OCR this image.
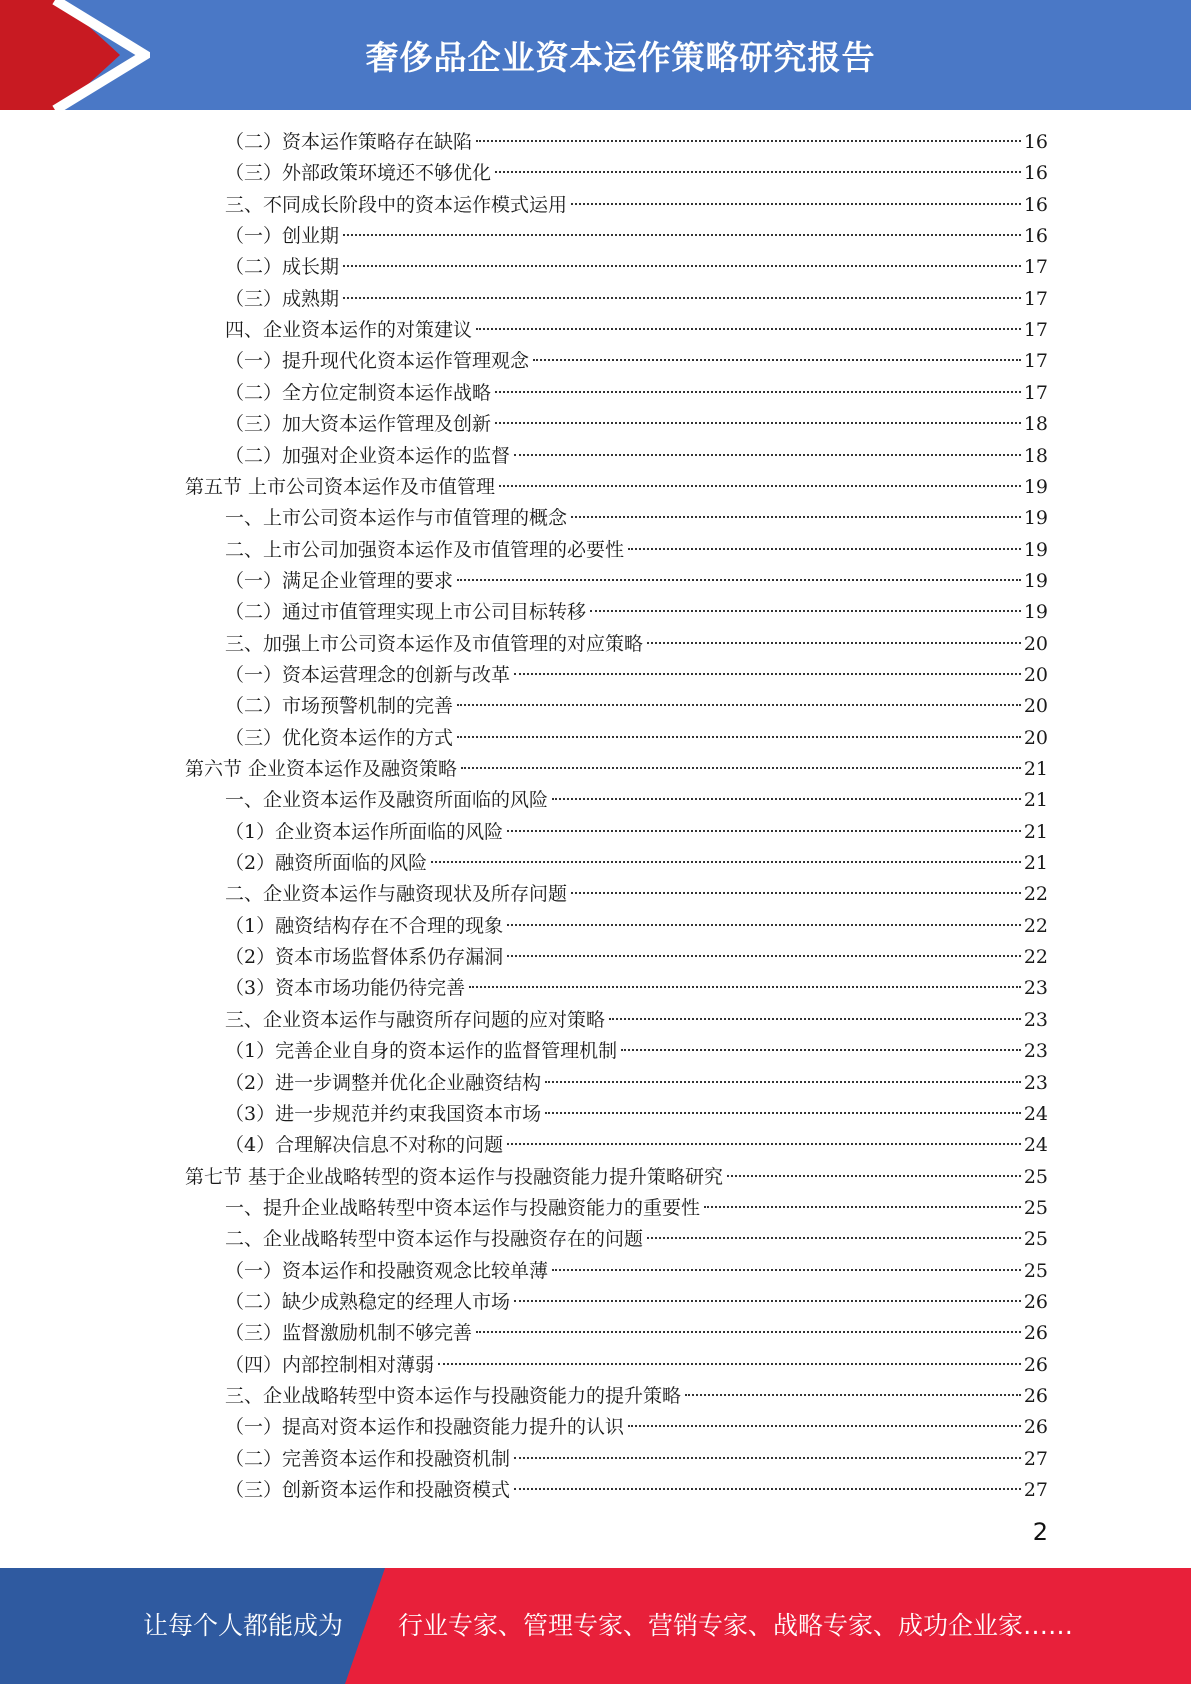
奢侈品企业资本运作策略研究报告
（二）资本运作策略存在缺陷	16
（三）外部政策环境还不够优化	16
三、不同成长阶段中的资本运作模式运用	16
（一）创业期	16
（二）成长期	17
（三）成熟期	17
四、企业资本运作的对策建议	17
（一）提升现代化资本运作管理观念	17
（二）全方位定制资本运作战略	17
（三）加大资本运作管理及创新	18
（二）加强对企业资本运作的监督	18
第五节 上市公司资本运作及市值管理	19
一、上市公司资本运作与市值管理的概念	19
二、上市公司加强资本运作及市值管理的必要性	19
（一）满足企业管理的要求	19
（二）通过市值管理实现上市公司目标转移	19
三、加强上市公司资本运作及市值管理的对应策略	20
（一）资本运营理念的创新与改革	20
（二）市场预警机制的完善	20
（三）优化资本运作的方式	20
第六节 企业资本运作及融资策略	21
一、企业资本运作及融资所面临的风险	21
（1）企业资本运作所面临的风险	21
（2）融资所面临的风险	21
二、企业资本运作与融资现状及所存问题	22
（1）融资结构存在不合理的现象	22
（2）资本市场监督体系仍存漏洞	22
（3）资本市场功能仍待完善	23
三、企业资本运作与融资所存问题的应对策略	23
（1）完善企业自身的资本运作的监督管理机制	23
（2）进一步调整并优化企业融资结构	23
（3）进一步规范并约束我国资本市场	24
（4）合理解决信息不对称的问题	24
第七节 基于企业战略转型的资本运作与投融资能力提升策略研究	25
一、提升企业战略转型中资本运作与投融资能力的重要性	25
二、企业战略转型中资本运作与投融资存在的问题	25
（一）资本运作和投融资观念比较单薄	25
（二）缺少成熟稳定的经理人市场	26
（三）监督激励机制不够完善	26
（四）内部控制相对薄弱	26
三、企业战略转型中资本运作与投融资能力的提升策略	26
（一）提高对资本运作和投融资能力提升的认识	26
（二）完善资本运作和投融资机制	27
（三）创新资本运作和投融资模式	27
2
让每个人都能成为 行业专家、管理专家、营销专家、战略专家、成功企业家……
